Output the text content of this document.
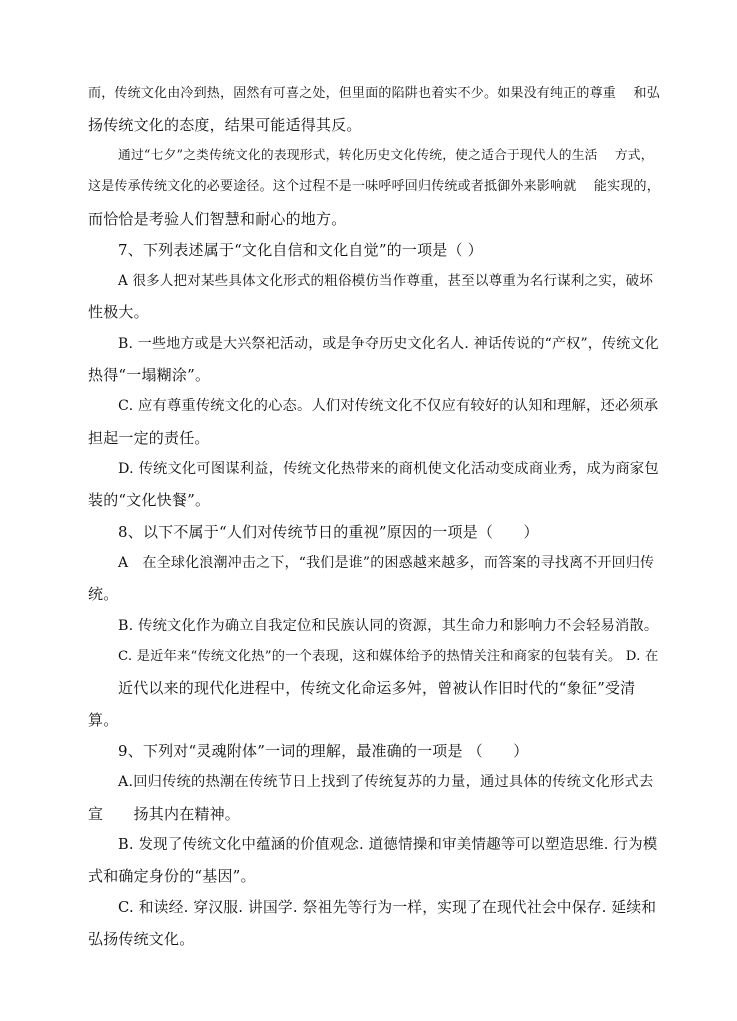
而，传统文化由冷到热，固然有可喜之处，但里面的陷阱也着实不少。如果没有纯正的尊重　 和弘
扬传统文化的态度，结果可能适得其反。
通过“七夕”之类传统文化的表现形式，转化历史文化传统，使之适合于现代人的生活　 方式，
这是传承传统文化的必要途径。这个过程不是一味呼呼回归传统或者抵御外来影响就　 能实现的，
而恰恰是考验人们智慧和耐心的地方。
7、下列表述属于“文化自信和文化自觉”的一项是（ ）
A 很多人把对某些具体文化形式的粗俗模仿当作尊重，甚至以尊重为名行谋利之实，破坏
性极大。
B. 一些地方或是大兴祭祀活动，或是争夺历史文化名人. 神话传说的“产权”，传统文化
热得“一塌糊涂”。
C. 应有尊重传统文化的心态。人们对传统文化不仅应有较好的认知和理解，还必须承
担起一定的责任。
D. 传统文化可图谋利益，传统文化热带来的商机使文化活动变成商业秀，成为商家包
装的“文化快餐”。
8、以下不属于“人们对传统节日的重视”原因的一项是（　　）
A　在全球化浪潮冲击之下，“我们是谁”的困惑越来越多，而答案的寻找离不开回归传
统。
B. 传统文化作为确立自我定位和民族认同的资源，其生命力和影响力不会轻易消散。
C. 是近年来“传统文化热”的一个表现，这和媒体给予的热情关注和商家的包装有关。 D. 在
近代以来的现代化进程中，传统文化命运多舛，曾被认作旧时代的“象征”受清
算。
9、下列对“灵魂附体”一词的理解，最准确的一项是 （　　）
A.回归传统的热潮在传统节日上找到了传统复苏的力量，通过具体的传统文化形式去
宣　　扬其内在精神。
B. 发现了传统文化中蕴涵的价值观念. 道德情操和审美情趣等可以塑造思维. 行为模
式和确定身份的“基因”。
C. 和读经. 穿汉服. 讲国学. 祭祖先等行为一样，实现了在现代社会中保存. 延续和
弘扬传统文化。
